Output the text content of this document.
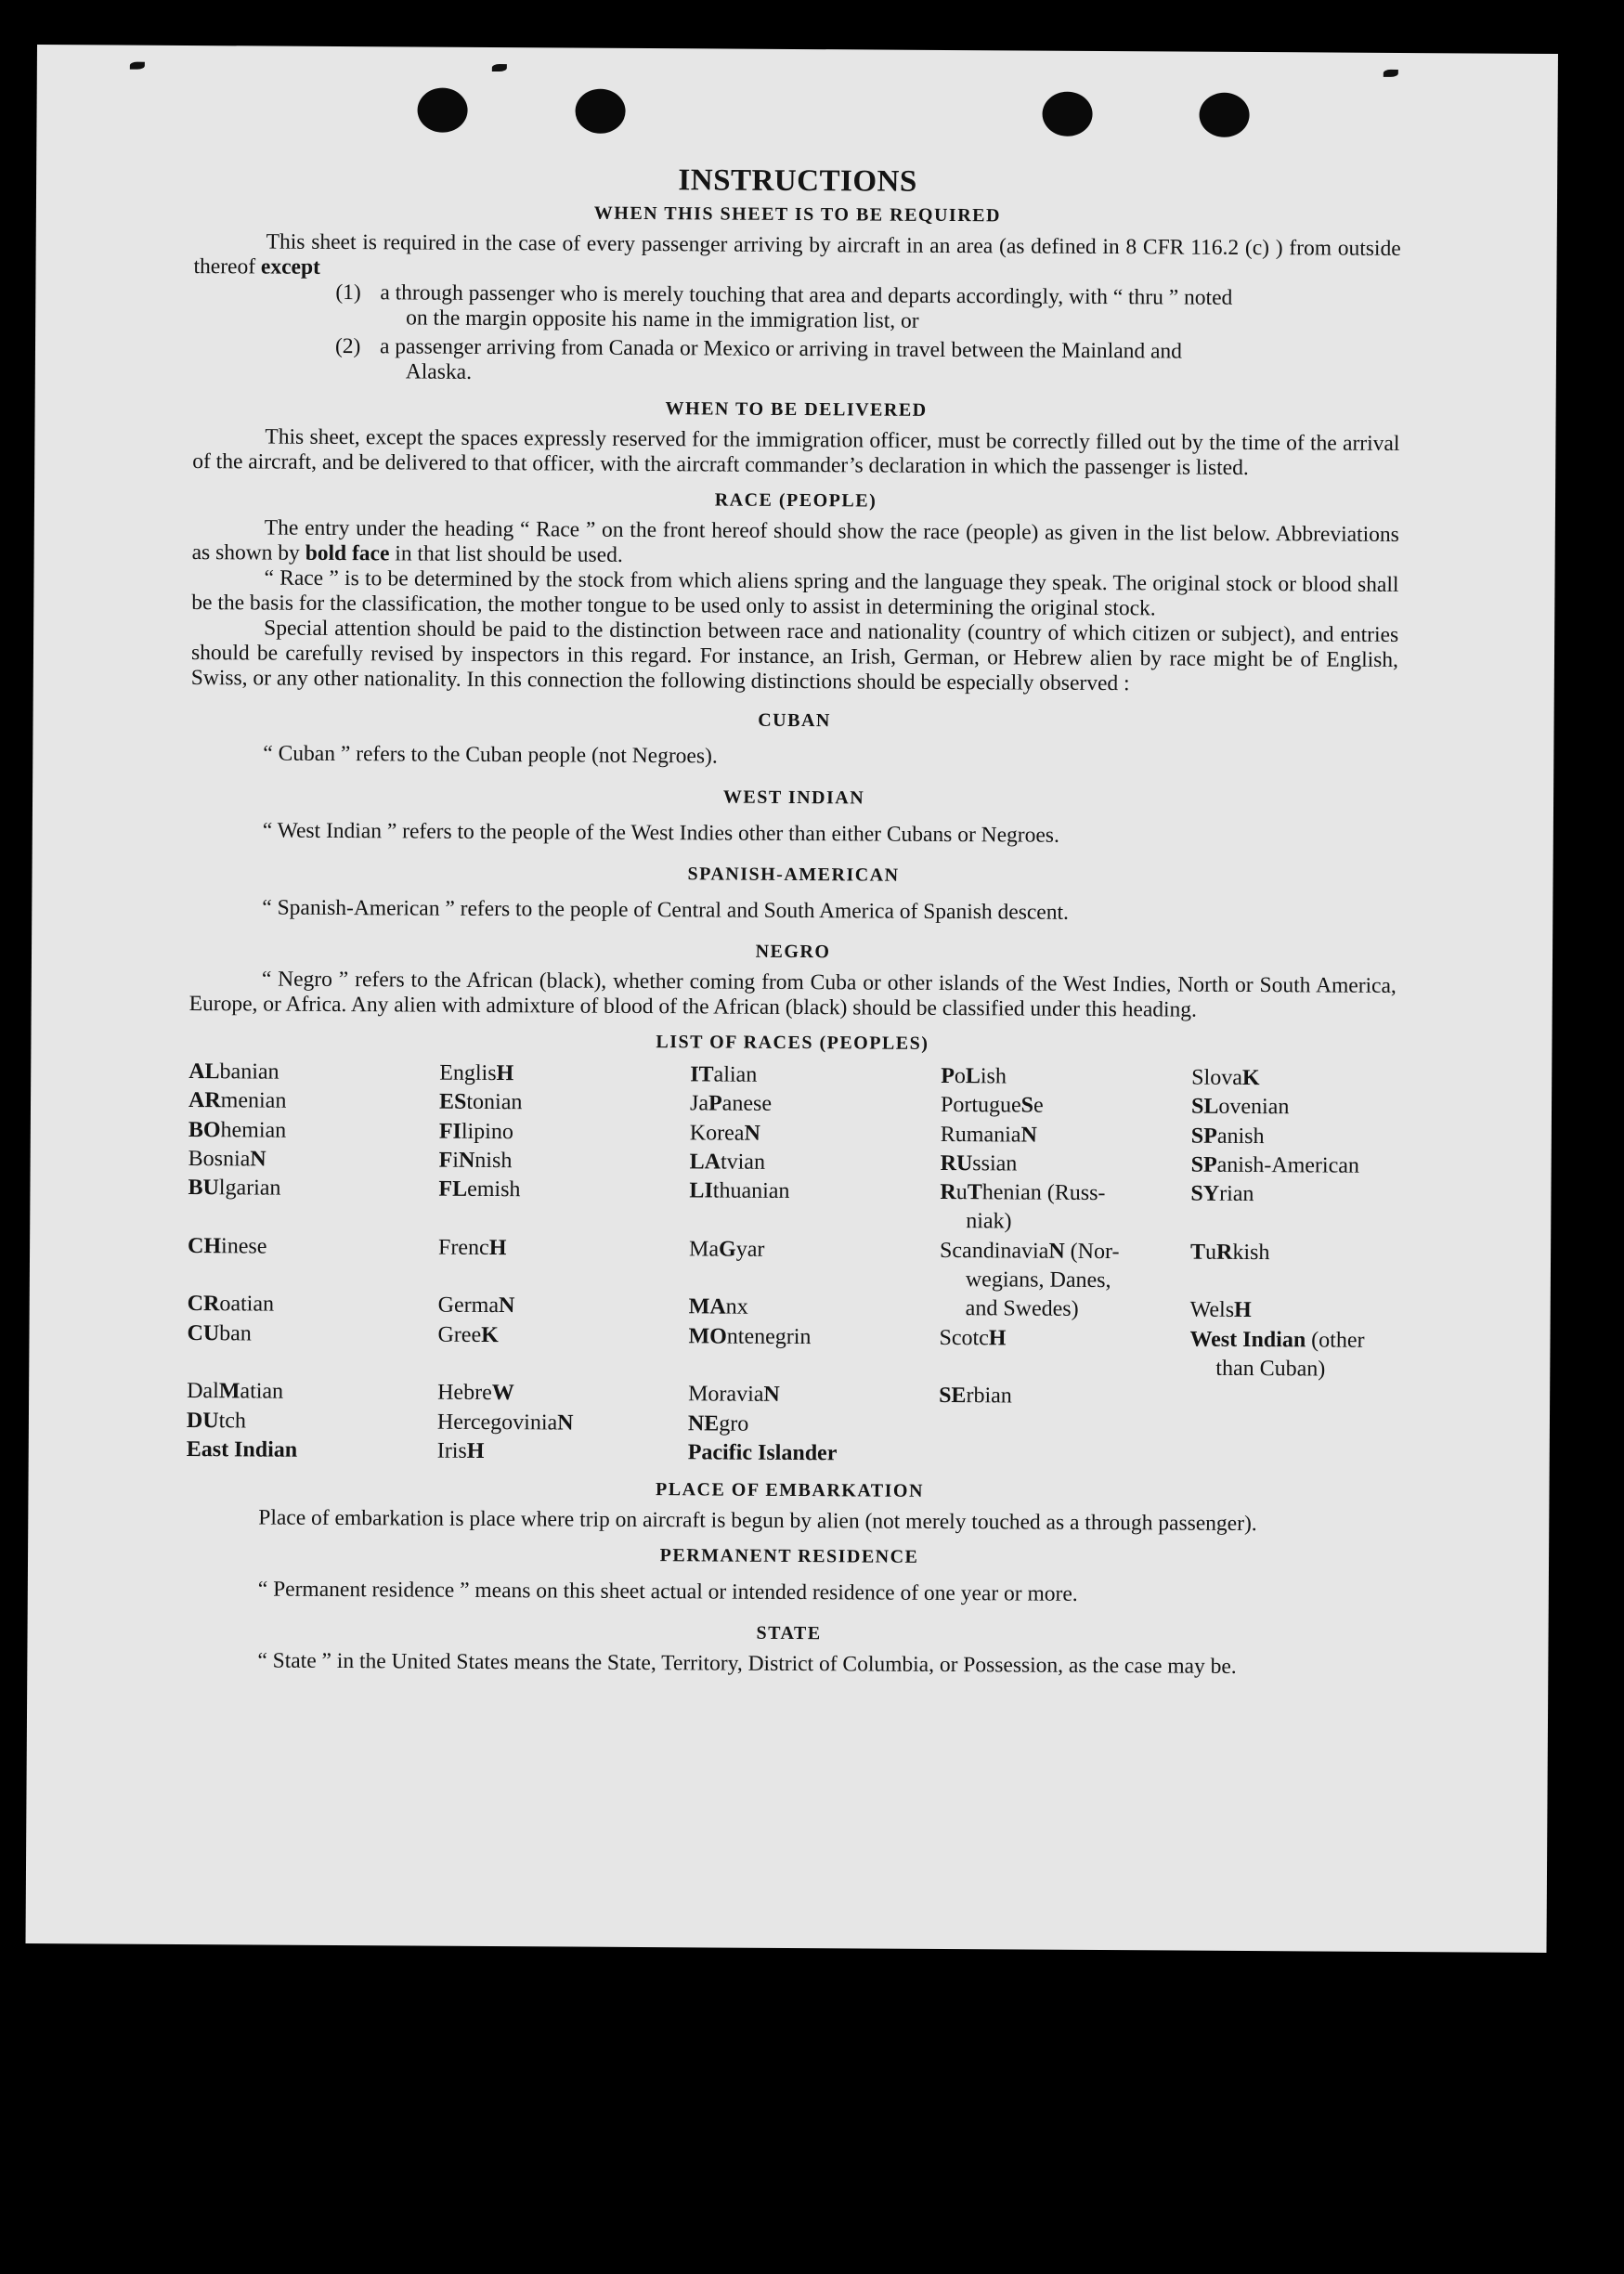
INSTRUCTIONS
WHEN THIS SHEET IS TO BE REQUIRED

This sheet is required in the case of every passenger arriving by aircraft in an area (as defined in 8 CFR 116.2 (c) ) from outside thereof except

(1) a through passenger who is merely touching that area and departs accordingly, with “ thru ” noted
on the margin opposite his name in the immigration list, or
(2) a passenger arriving from Canada or Mexico or arriving in travel between the Mainland and
Alaska.
WHEN TO BE DELIVERED

This sheet, except the spaces expressly reserved for the immigration officer, must be correctly filled out by the time of the arrival of the aircraft, and be delivered to that officer, with the aircraft commander’s declaration in which the passenger is listed.

RACE (PEOPLE)

The entry under the heading “ Race ” on the front hereof should show the race (people) as given in the list below. Abbreviations as shown by bold face in that list should be used.

“ Race ” is to be determined by the stock from which aliens spring and the language they speak. The original stock or blood shall be the basis for the classification, the mother tongue to be used only to assist in determining the original stock.

Special attention should be paid to the distinction between race and nationality (country of which citizen or subject), and entries should be carefully revised by inspectors in this regard. For instance, an Irish, German, or Hebrew alien by race might be of English, Swiss, or any other nationality. In this connection the following distinctions should be especially observed :

CUBAN

“ Cuban ” refers to the Cuban people (not Negroes).

WEST INDIAN

“ West Indian ” refers to the people of the West Indies other than either Cubans or Negroes.

SPANISH-AMERICAN

“ Spanish-American ” refers to the people of Central and South America of Spanish descent.

NEGRO

“ Negro ” refers to the African (black), whether coming from Cuba or other islands of the West Indies, North or South America, Europe, or Africa. Any alien with admixture of blood of the African (black) should be classified under this heading.

LIST OF RACES (PEOPLES)
ALbanian
ARmenian
BOhemian
BosniaN
BUlgarian
CHinese
CRoatian
CUban
DalMatian
DUtch
East Indian
EnglisH
EStonian
FIlipino
FiNnish
FLemish
FrencH
GermaN
GreeK
HebreW
HercegoviniaN
IrisH
ITalian
JaPanese
KoreaN
LAtvian
LIthuanian
MaGyar
MAnx
MOntenegrin
MoraviaN
NEgro
Pacific Islander
PoLish
PortugueSe
RumaniaN
RUssian
RuThenian (Russ-
niak)
ScandinaviaN (Nor-
wegians, Danes,
and Swedes)
ScotcH
SErbian
SlovaK
SLovenian
SPanish
SPanish-American
SYrian
TuRkish
WelsH
West Indian (other
than Cuban)
PLACE OF EMBARKATION

Place of embarkation is place where trip on aircraft is begun by alien (not merely touched as a through passenger).

PERMANENT RESIDENCE

“ Permanent residence ” means on this sheet actual or intended residence of one year or more.

STATE

“ State ” in the United States means the State, Territory, District of Columbia, or Possession, as the case may be.
